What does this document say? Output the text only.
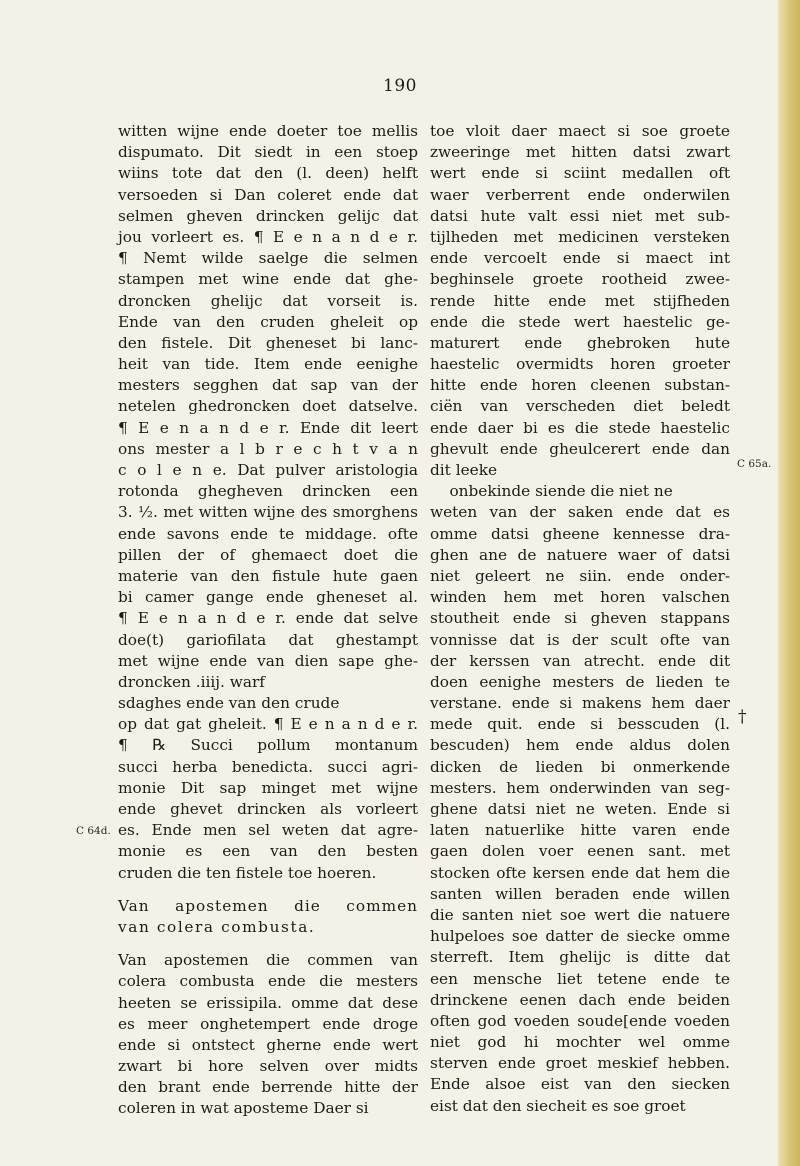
190
C 64d.
C 65a.
†
witten wijne ende doeter toe mellis
dispumato. Dit siedt in een stoep
wiins tote dat den (l. deen) helft
versoeden si Dan coleret ende dat
selmen gheven drincken gelijc dat
jou vorleert es. ¶ E e n a n d e r.
¶ Nemt wilde saelge die selmen
stampen met wine ende dat ghe-
droncken ghelijc dat vorseit is.
Ende van den cruden gheleit op
den fistele. Dit gheneset bi lanc-
heit van tide. Item ende eenighe
mesters segghen dat sap van der
netelen ghedroncken doet datselve.
¶ E e n a n d e r. Ende dit leert
ons mester a l b r e c h t v a n
c o l e n e. Dat pulver aristologia
rotonda ghegheven drincken een
3. ½. met witten wijne des smorghens
ende savons ende te middage. ofte
pillen der of ghemaect doet die
materie van den fistule hute gaen
bi camer gange ende gheneset al.
¶ E e n a n d e r. ende dat selve
doe(t) gariofilata dat ghestampt
met wijne ende van dien sape ghe-
droncken .iiij. warf
sdaghes ende van den crude
op dat gat gheleit. ¶ E e n a n d e r.
¶ ℞ Succi pollum montanum
succi herba benedicta. succi agri-
monie Dit sap minget met wijne
ende ghevet drincken als vorleert
es. Ende men sel weten dat agre-
monie es een van den besten
cruden die ten fistele toe hoeren.
Van apostemen die commen
van colera combusta.
Van apostemen die commen van
colera combusta ende die mesters
heeten se erissipila. omme dat dese
es meer onghetempert ende droge
ende si ontstect gherne ende wert
zwart bi hore selven over midts
den brant ende berrende hitte der
coleren in wat aposteme Daer si
toe vloit daer maect si soe groete
zweeringe met hitten datsi zwart
wert ende si sciint medallen oft
waer verberrent ende onderwilen
datsi hute valt essi niet met sub-
tijlheden met medicinen versteken
ende vercoelt ende si maect int
beghinsele groete rootheid zwee-
rende hitte ende met stijfheden
ende die stede wert haestelic ge-
maturert ende ghebroken hute
haestelic overmidts horen groeter
hitte ende horen cleenen substan-
ciën van verscheden diet beledt
ende daer bi es die stede haestelic
ghevult ende gheulcerert ende dan
dit leeke
onbekinde siende die niet ne
weten van der saken ende dat es
omme datsi gheene kennesse dra-
ghen ane de natuere waer of datsi
niet geleert ne siin. ende onder-
winden hem met horen valschen
stoutheit ende si gheven stappans
vonnisse dat is der scult ofte van
der kerssen van atrecht. ende dit
doen eenighe mesters de lieden te
verstane. ende si makens hem daer
mede quit. ende si besscuden (l.
bescuden) hem ende aldus dolen
dicken de lieden bi onmerkende
mesters. hem onderwinden van seg-
ghene datsi niet ne weten. Ende si
laten natuerlike hitte varen ende
gaen dolen voer eenen sant. met
stocken ofte kersen ende dat hem die
santen willen beraden ende willen
die santen niet soe wert die natuere
hulpeloes soe datter de siecke omme
sterreft. Item ghelijc is ditte dat
een mensche liet tetene ende te
drinckene eenen dach ende beiden
often god voeden soude[ende voeden
niet god hi mochter wel omme
sterven ende groet meskief hebben.
Ende alsoe eist van den siecken
eist dat den siecheit es soe groet
